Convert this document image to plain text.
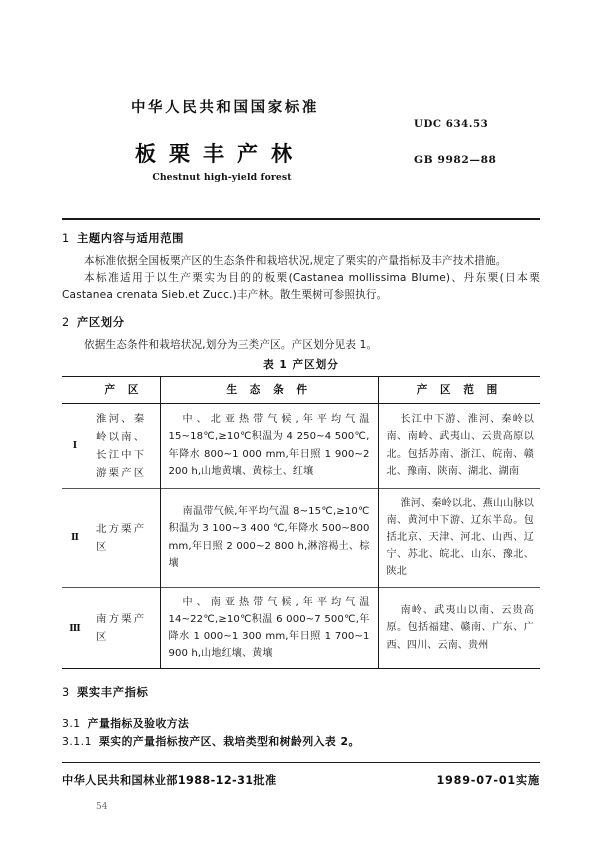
中华人民共和国国家标准
板栗丰产林
Chestnut high-yield forest
UDC 634.53
GB 9982—88
1 主题内容与适用范围

本标准依据全国板栗产区的生态条件和栽培状况,规定了栗实的产量指标及丰产技术措施。

本标准适用于以生产栗实为目的的板栗(Castanea mollissima Blume)、丹东栗(日本栗 Castanea crenata Sieb.et Zucc.)丰产林。散生栗树可参照执行。

2 产区划分

依据生态条件和栽培状况,划分为三类产区。产区划分见表 1。

表 1 产区划分
	产 区	生 态 条 件	产 区 范 围
Ⅰ	淮河、秦岭以南、长江中下游栗产区	中、北亚热带气候,年平均气温 15~18℃,≥10℃积温为 4 250~4 500℃,年降水 800~1 000 mm,年日照 1 900~2 200 h,山地黄壤、黄棕土、红壤	长江中下游、淮河、秦岭以南、南岭、武夷山、云贵高原以北。包括苏南、浙江、皖南、赣北、豫南、陕南、湖北、湖南
Ⅱ	北方栗产区	南温带气候,年平均气温 8~15℃,≥10℃积温为 3 100~3 400 ℃,年降水 500~800 mm,年日照 2 000~2 800 h,淋溶褐土、棕壤	淮河、秦岭以北、燕山山脉以南、黄河中下游、辽东半岛。包括北京、天津、河北、山西、辽宁、苏北、皖北、山东、豫北、陕北
Ⅲ	南方栗产区	中、南亚热带气候,年平均气温 14~22℃,≥10℃积温 6 000~7 500℃,年降水 1 000~1 300 mm,年日照 1 700~1 900 h,山地红壤、黄壤	南岭、武夷山以南、云贵高原。包括福建、赣南、广东、广西、四川、云南、贵州
3 栗实丰产指标
3.1 产量指标及验收方法
3.1.1 栗实的产量指标按产区、栽培类型和树龄列入表 2。
中华人民共和国林业部1988-12-31批准	1989-07-01实施
54
